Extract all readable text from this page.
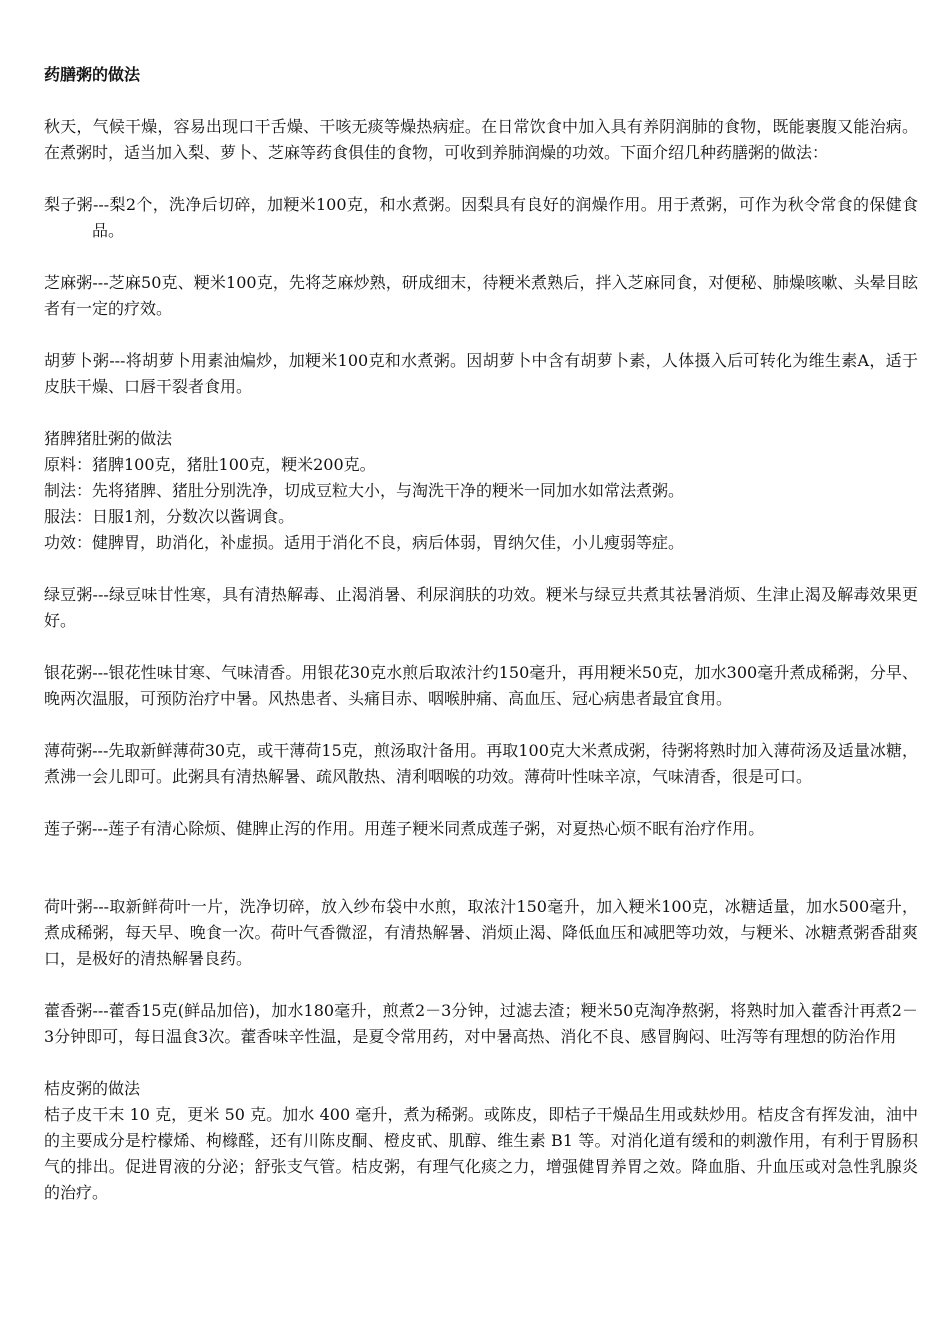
药膳粥的做法

秋天，气候干燥，容易出现口干舌燥、干咳无痰等燥热病症。在日常饮食中加入具有养阴润肺的食物，既能裹腹又能治病。在煮粥时，适当加入梨、萝卜、芝麻等药食俱佳的食物，可收到养肺润燥的功效。下面介绍几种药膳粥的做法：

梨子粥---梨2个，洗净后切碎，加粳米100克，和水煮粥。因梨具有良好的润燥作用。用于煮粥，可作为秋令常食的保健食品。

芝麻粥---芝麻50克、粳米100克，先将芝麻炒熟，研成细末，待粳米煮熟后，拌入芝麻同食，对便秘、肺燥咳嗽、头晕目眩者有一定的疗效。

胡萝卜粥---将胡萝卜用素油煸炒，加粳米100克和水煮粥。因胡萝卜中含有胡萝卜素，人体摄入后可转化为维生素A，适于皮肤干燥、口唇干裂者食用。

猪脾猪肚粥的做法

原料：猪脾100克，猪肚100克，粳米200克。

制法：先将猪脾、猪肚分别洗净，切成豆粒大小，与淘洗干净的粳米一同加水如常法煮粥。

服法：日服1剂，分数次以酱调食。

功效：健脾胃，助消化，补虚损。适用于消化不良，病后体弱，胃纳欠佳，小儿瘦弱等症。

绿豆粥---绿豆味甘性寒，具有清热解毒、止渴消暑、利尿润肤的功效。粳米与绿豆共煮其祛暑消烦、生津止渴及解毒效果更好。

银花粥---银花性味甘寒、气味清香。用银花30克水煎后取浓汁约150毫升，再用粳米50克，加水300毫升煮成稀粥，分早、晚两次温服，可预防治疗中暑。风热患者、头痛目赤、咽喉肿痛、高血压、冠心病患者最宜食用。

薄荷粥---先取新鲜薄荷30克，或干薄荷15克，煎汤取汁备用。再取100克大米煮成粥，待粥将熟时加入薄荷汤及适量冰糖，煮沸一会儿即可。此粥具有清热解暑、疏风散热、清利咽喉的功效。薄荷叶性味辛凉，气味清香，很是可口。

莲子粥---莲子有清心除烦、健脾止泻的作用。用莲子粳米同煮成莲子粥，对夏热心烦不眠有治疗作用。

荷叶粥---取新鲜荷叶一片，洗净切碎，放入纱布袋中水煎，取浓汁150毫升，加入粳米100克，冰糖适量，加水500毫升，煮成稀粥，每天早、晚食一次。荷叶气香微涩，有清热解暑、消烦止渴、降低血压和减肥等功效，与粳米、冰糖煮粥香甜爽口，是极好的清热解暑良药。

藿香粥---藿香15克(鲜品加倍)，加水180毫升，煎煮2－3分钟，过滤去渣；粳米50克淘净熬粥，将熟时加入藿香汁再煮2－3分钟即可，每日温食3次。藿香味辛性温，是夏令常用药，对中暑高热、消化不良、感冒胸闷、吐泻等有理想的防治作用

桔皮粥的做法

桔子皮干末 10 克，更米 50 克。加水 400 毫升，煮为稀粥。或陈皮，即桔子干燥品生用或麸炒用。桔皮含有挥发油，油中的主要成分是柠檬烯、枸橼醛，还有川陈皮酮、橙皮甙、肌醇、维生素 B1 等。对消化道有缓和的刺激作用，有利于胃肠积气的排出。促进胃液的分泌；舒张支气管。桔皮粥，有理气化痰之力，增强健胃养胃之效。降血脂、升血压或对急性乳腺炎的治疗。
